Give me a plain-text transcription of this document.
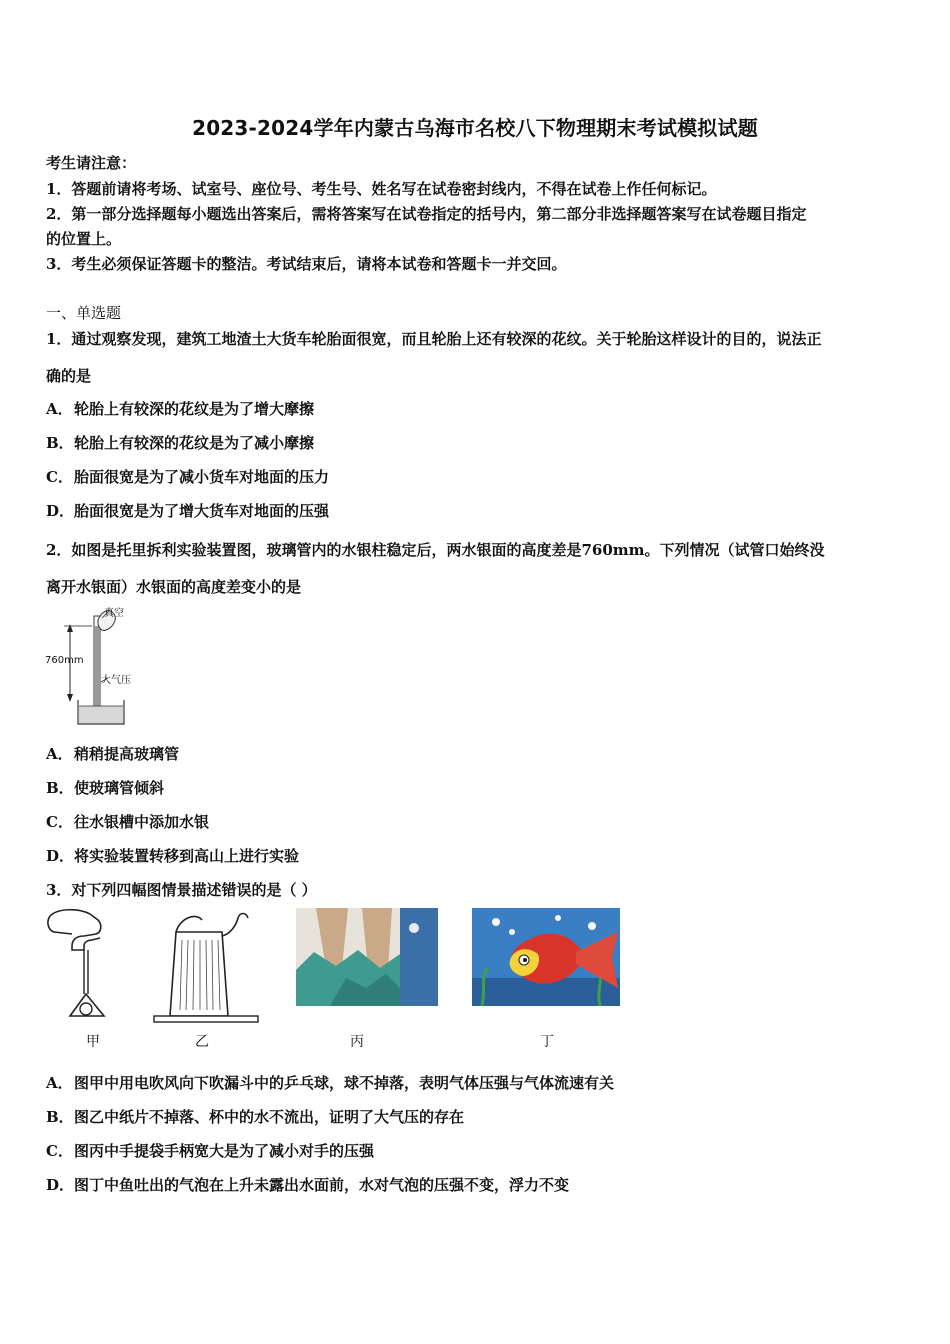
2023-2024学年内蒙古乌海市名校八下物理期末考试模拟试题
考生请注意：
1．答题前请将考场、试室号、座位号、考生号、姓名写在试卷密封线内，不得在试卷上作任何标记。
2．第一部分选择题每小题选出答案后，需将答案写在试卷指定的括号内，第二部分非选择题答案写在试卷题目指定
的位置上。
3．考生必须保证答题卡的整洁。考试结束后，请将本试卷和答题卡一并交回。
一、单选题
1．通过观察发现，建筑工地渣土大货车轮胎面很宽，而且轮胎上还有较深的花纹。关于轮胎这样设计的目的，说法正
确的是
A．轮胎上有较深的花纹是为了增大摩擦
B．轮胎上有较深的花纹是为了减小摩擦
C．胎面很宽是为了减小货车对地面的压力
D．胎面很宽是为了增大货车对地面的压强
2．如图是托里拆利实验装置图，玻璃管内的水银柱稳定后，两水银面的高度差是760mm。下列情况（试管口始终没
离开水银面）水银面的高度差变小的是
真空
760mm
大气压
A．稍稍提高玻璃管
B．使玻璃管倾斜
C．往水银槽中添加水银
D．将实验装置转移到高山上进行实验
3．对下列四幅图情景描述错误的是（ ）
甲	乙	丙	丁
A．图甲中用电吹风向下吹漏斗中的乒乓球，球不掉落，表明气体压强与气体流速有关
B．图乙中纸片不掉落、杯中的水不流出，证明了大气压的存在
C．图丙中手提袋手柄宽大是为了减小对手的压强
D．图丁中鱼吐出的气泡在上升未露出水面前，水对气泡的压强不变，浮力不变
